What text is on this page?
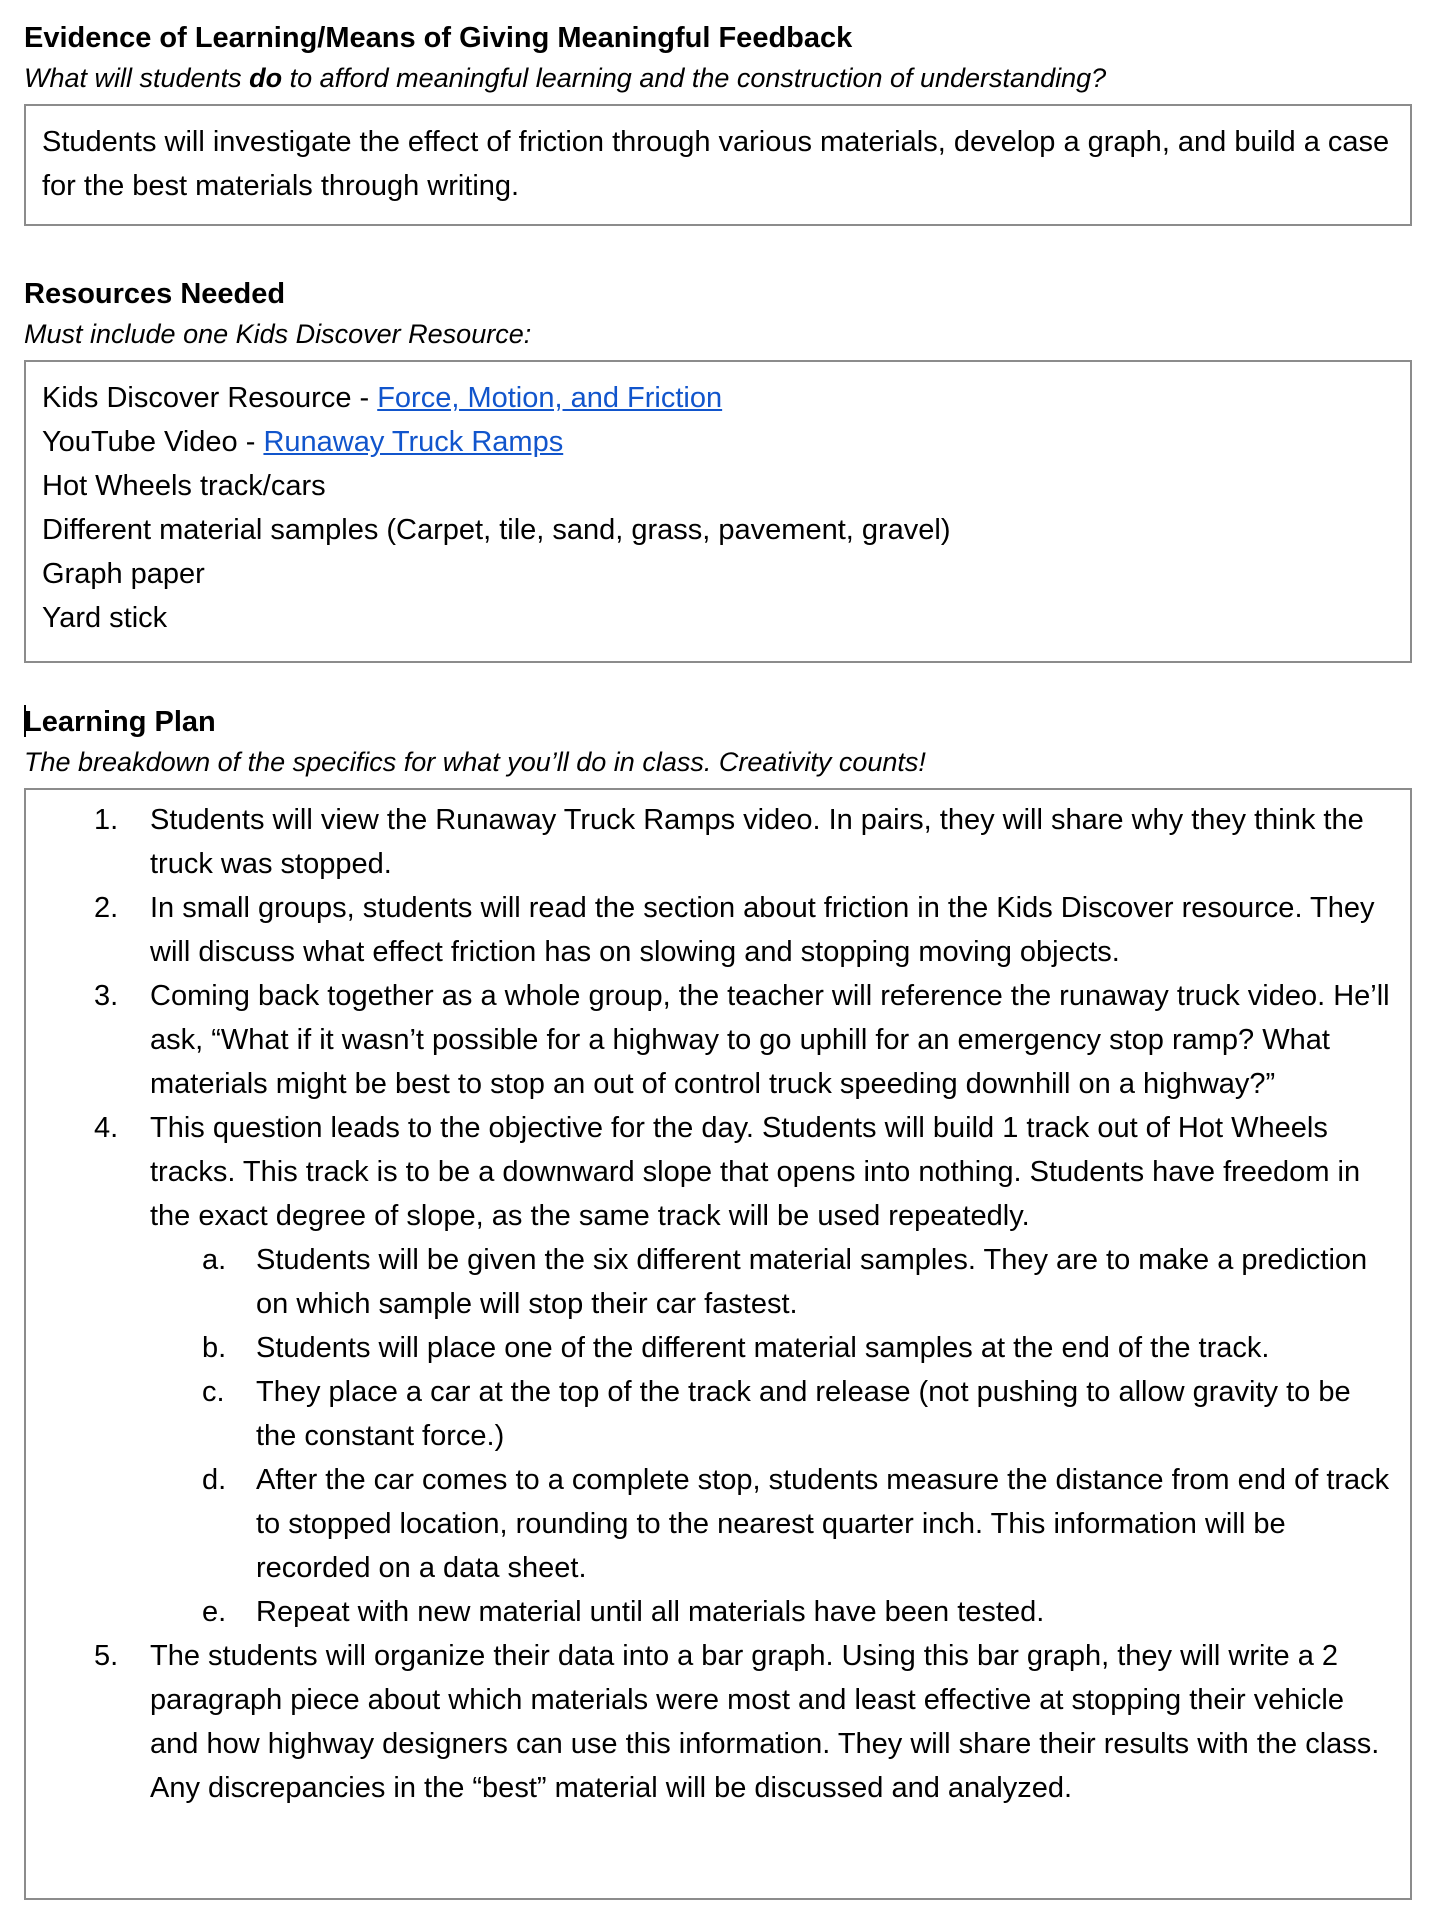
Evidence of Learning/Means of Giving Meaningful Feedback

What will students do to afford meaningful learning and the construction of understanding?

Students will investigate the effect of friction through various materials, develop a graph, and build a case for the best materials through writing.

Resources Needed

Must include one Kids Discover Resource:

Kids Discover Resource - Force, Motion, and Friction

YouTube Video - Runaway Truck Ramps

Hot Wheels track/cars

Different material samples (Carpet, tile, sand, grass, pavement, gravel)

Graph paper

Yard stick

Learning Plan

The breakdown of the specifics for what you’ll do in class. Creativity counts!

1. Students will view the Runaway Truck Ramps video. In pairs, they will share why they think the truck was stopped.
2. In small groups, students will read the section about friction in the Kids Discover resource. They will discuss what effect friction has on slowing and stopping moving objects.
3. Coming back together as a whole group, the teacher will reference the runaway truck video. He’ll ask, “What if it wasn’t possible for a highway to go uphill for an emergency stop ramp? What materials might be best to stop an out of control truck speeding downhill on a highway?”
4. This question leads to the objective for the day. Students will build 1 track out of Hot Wheels tracks. This track is to be a downward slope that opens into nothing. Students have freedom in the exact degree of slope, as the same track will be used repeatedly.
a. Students will be given the six different material samples. They are to make a prediction on which sample will stop their car fastest.
b. Students will place one of the different material samples at the end of the track.
c. They place a car at the top of the track and release (not pushing to allow gravity to be the constant force.)
d. After the car comes to a complete stop, students measure the distance from end of track to stopped location, rounding to the nearest quarter inch. This information will be recorded on a data sheet.
e. Repeat with new material until all materials have been tested.
5. The students will organize their data into a bar graph. Using this bar graph, they will write a 2 paragraph piece about which materials were most and least effective at stopping their vehicle and how highway designers can use this information. They will share their results with the class. Any discrepancies in the “best” material will be discussed and analyzed.
